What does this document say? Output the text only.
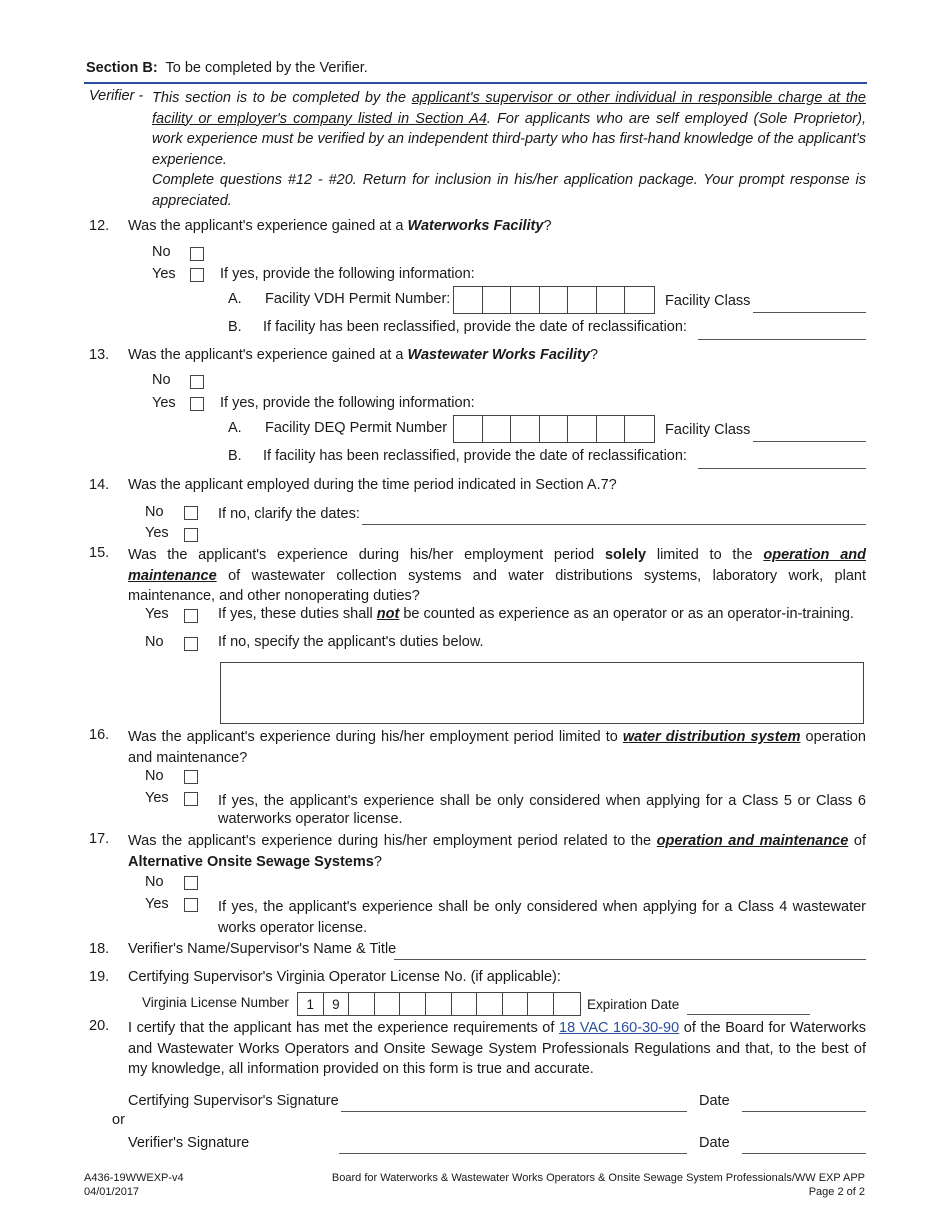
Section B: To be completed by the Verifier.
Verifier - This section is to be completed by the applicant's supervisor or other individual in responsible charge at the facility or employer's company listed in Section A4. For applicants who are self employed (Sole Proprietor), work experience must be verified by an independent third-party who has first-hand knowledge of the applicant's experience.
Complete questions #12 - #20. Return for inclusion in his/her application package. Your prompt response is appreciated.
12. Was the applicant's experience gained at a Waterworks Facility?
No
Yes	If yes, provide the following information:
A. Facility VDH Permit Number:	Facility Class
B. If facility has been reclassified, provide the date of reclassification:
13. Was the applicant's experience gained at a Wastewater Works Facility?
No
Yes	If yes, provide the following information:
A. Facility DEQ Permit Number	Facility Class
B. If facility has been reclassified, provide the date of reclassification:
14. Was the applicant employed during the time period indicated in Section A.7?
No	If no, clarify the dates:
Yes
15. Was the applicant's experience during his/her employment period solely limited to the operation and maintenance of wastewater collection systems and water distributions systems, laboratory work, plant maintenance, and other nonoperating duties?
Yes	If yes, these duties shall not be counted as experience as an operator or as an operator-in-training.
No	If no, specify the applicant's duties below.
16. Was the applicant's experience during his/her employment period limited to water distribution system operation and maintenance?
No
Yes	If yes, the applicant's experience shall be only considered when applying for a Class 5 or Class 6 waterworks operator license.
17. Was the applicant's experience during his/her employment period related to the operation and maintenance of Alternative Onsite Sewage Systems?
No
Yes	If yes, the applicant's experience shall be only considered when applying for a Class 4 wastewater works operator license.
18. Verifier's Name/Supervisor's Name & Title
19. Certifying Supervisor's Virginia Operator License No. (if applicable):
Virginia License Number	1	9	Expiration Date
20. I certify that the applicant has met the experience requirements of 18 VAC 160-30-90 of the Board for Waterworks and Wastewater Works Operators and Onsite Sewage System Professionals Regulations and that, to the best of my knowledge, all information provided on this form is true and accurate.
Certifying Supervisor's Signature	Date
or
Verifier's Signature	Date
A436-19WWEXP-v4
04/01/2017
Board for Waterworks & Wastewater Works Operators & Onsite Sewage System Professionals/WW EXP APP
Page 2 of 2
